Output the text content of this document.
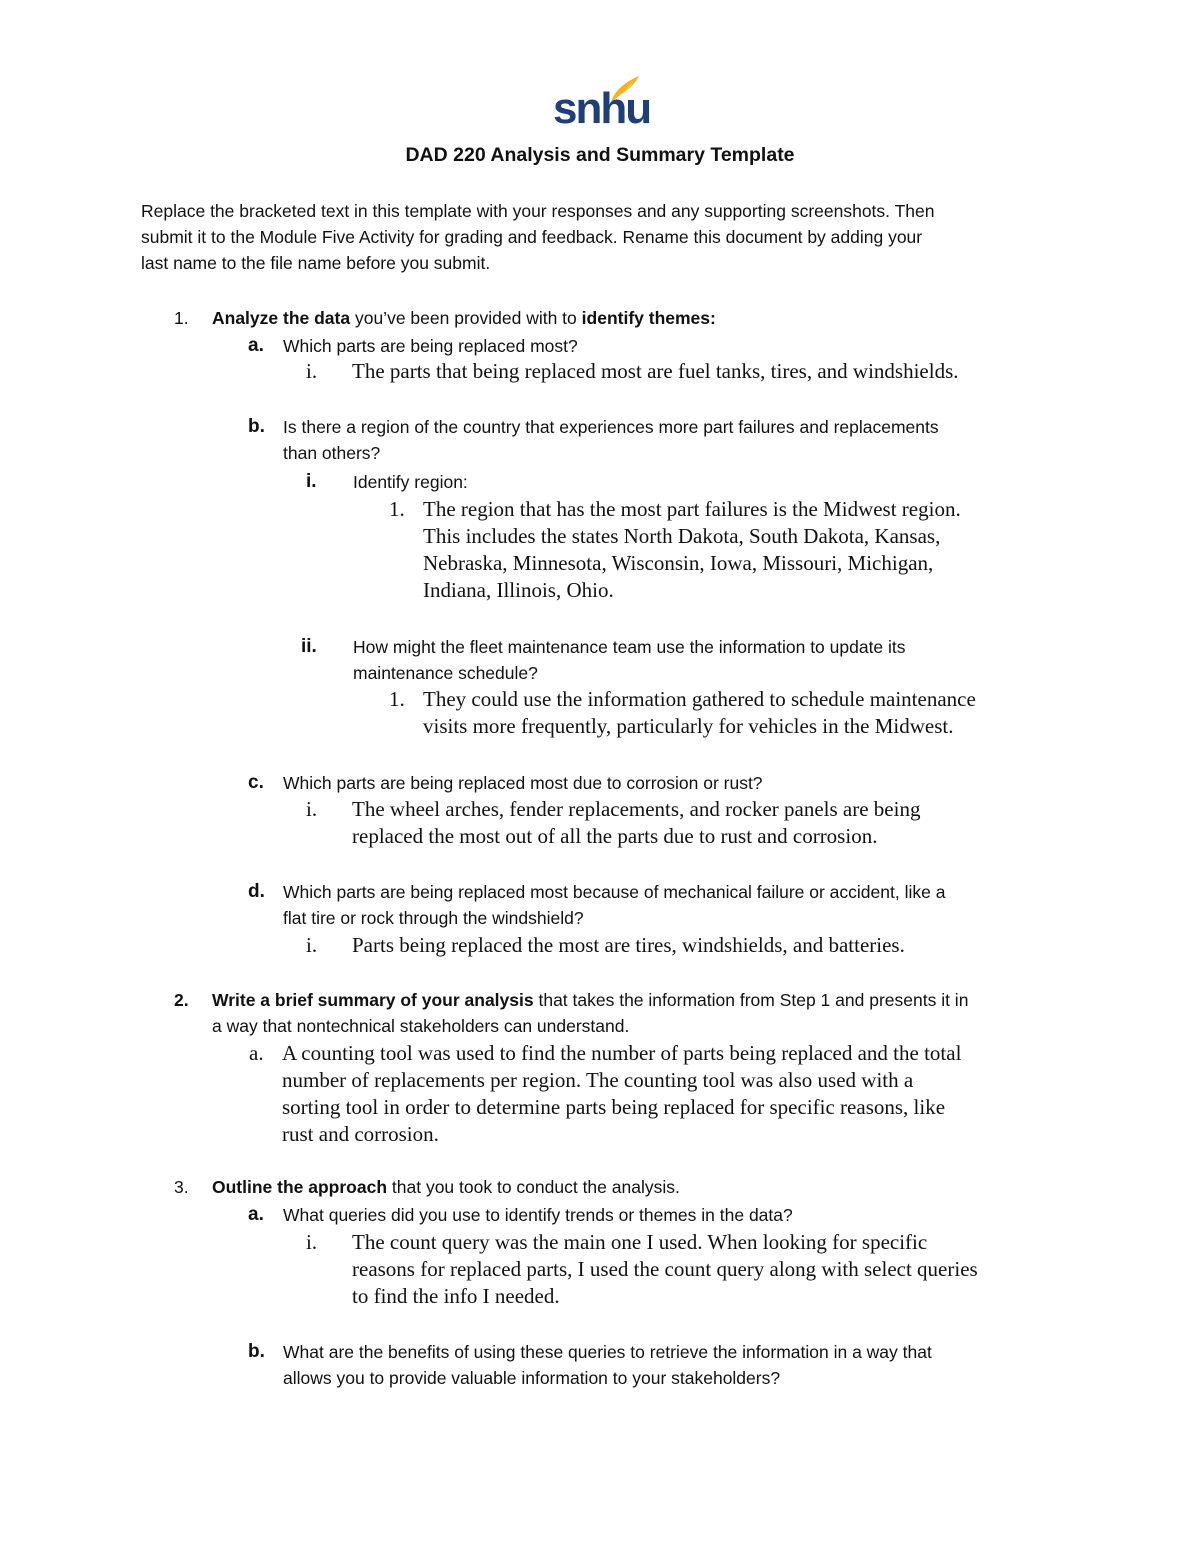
snhu
DAD 220 Analysis and Summary Template
Replace the bracketed text in this template with your responses and any supporting screenshots. Then
submit it to the Module Five Activity for grading and feedback. Rename this document by adding your
last name to the file name before you submit.
1. Analyze the data you’ve been provided with to identify themes:
a. Which parts are being replaced most?
i. The parts that being replaced most are fuel tanks, tires, and windshields.
b. Is there a region of the country that experiences more part failures and replacements
than others?
i. Identify region:
1. The region that has the most part failures is the Midwest region.
This includes the states North Dakota, South Dakota, Kansas,
Nebraska, Minnesota, Wisconsin, Iowa, Missouri, Michigan,
Indiana, Illinois, Ohio.
ii. How might the fleet maintenance team use the information to update its
maintenance schedule?
1. They could use the information gathered to schedule maintenance
visits more frequently, particularly for vehicles in the Midwest.
c. Which parts are being replaced most due to corrosion or rust?
i. The wheel arches, fender replacements, and rocker panels are being
replaced the most out of all the parts due to rust and corrosion.
d. Which parts are being replaced most because of mechanical failure or accident, like a
flat tire or rock through the windshield?
i. Parts being replaced the most are tires, windshields, and batteries.
2. Write a brief summary of your analysis that takes the information from Step 1 and presents it in
a way that nontechnical stakeholders can understand.
a. A counting tool was used to find the number of parts being replaced and the total
number of replacements per region. The counting tool was also used with a
sorting tool in order to determine parts being replaced for specific reasons, like
rust and corrosion.
3. Outline the approach that you took to conduct the analysis.
a. What queries did you use to identify trends or themes in the data?
i. The count query was the main one I used. When looking for specific
reasons for replaced parts, I used the count query along with select queries
to find the info I needed.
b. What are the benefits of using these queries to retrieve the information in a way that
allows you to provide valuable information to your stakeholders?
